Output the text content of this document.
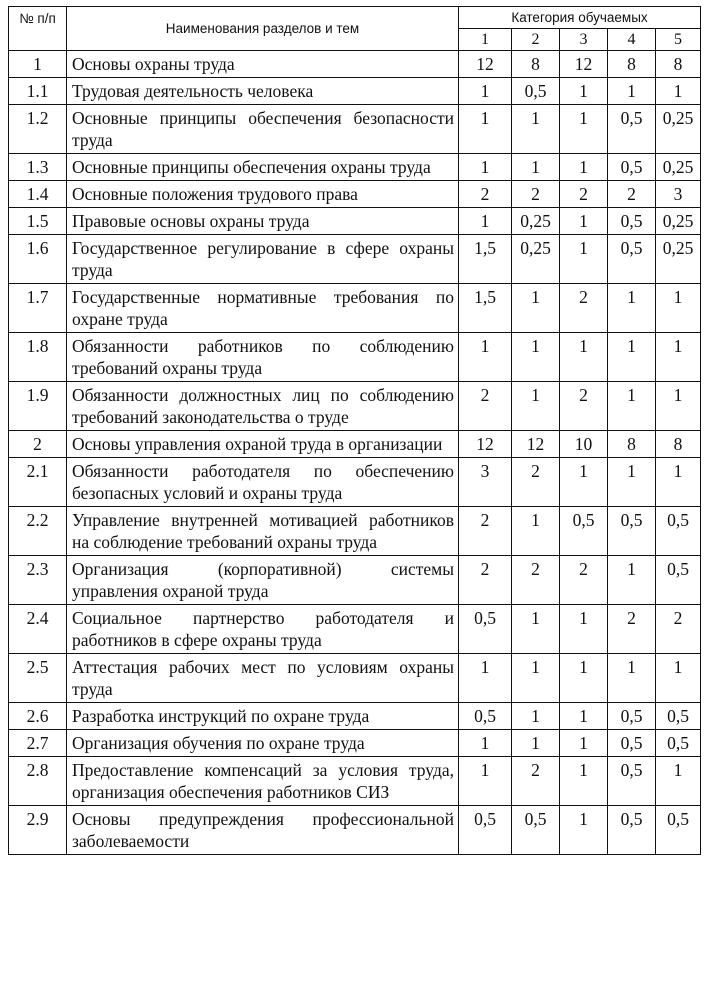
№ п/п	Наименования разделов и тем	Категория обучаемых				
		1	2	3	4	5
1	Основы охраны труда	12	8	12	8	8
1.1	Трудовая деятельность человека	1	0,5	1	1	1
1.2	Основные принципы обеспечения безопасности труда	1	1	1	0,5	0,25
1.3	Основные принципы обеспечения охраны труда	1	1	1	0,5	0,25
1.4	Основные положения трудового права	2	2	2	2	3
1.5	Правовые основы охраны труда	1	0,25	1	0,5	0,25
1.6	Государственное регулирование в сфере охраны труда	1,5	0,25	1	0,5	0,25
1.7	Государственные нормативные требования по охране труда	1,5	1	2	1	1
1.8	Обязанности работников по соблюдению требований охраны труда	1	1	1	1	1
1.9	Обязанности должностных лиц по соблюдению требований законодательства о труде	2	1	2	1	1
2	Основы управления охраной труда в организации	12	12	10	8	8
2.1	Обязанности работодателя по обеспечению безопасных условий и охраны труда	3	2	1	1	1
2.2	Управление внутренней мотивацией работников на соблюдение требований охраны труда	2	1	0,5	0,5	0,5
2.3	Организация (корпоративной) системы управления охраной труда	2	2	2	1	0,5
2.4	Социальное партнерство работодателя и работников в сфере охраны труда	0,5	1	1	2	2
2.5	Аттестация рабочих мест по условиям охраны труда	1	1	1	1	1
2.6	Разработка инструкций по охране труда	0,5	1	1	0,5	0,5
2.7	Организация обучения по охране труда	1	1	1	0,5	0,5
2.8	Предоставление компенсаций за условия труда, организация обеспечения работников СИЗ	1	2	1	0,5	1
2.9	Основы предупреждения профессиональной заболеваемости	0,5	0,5	1	0,5	0,5
